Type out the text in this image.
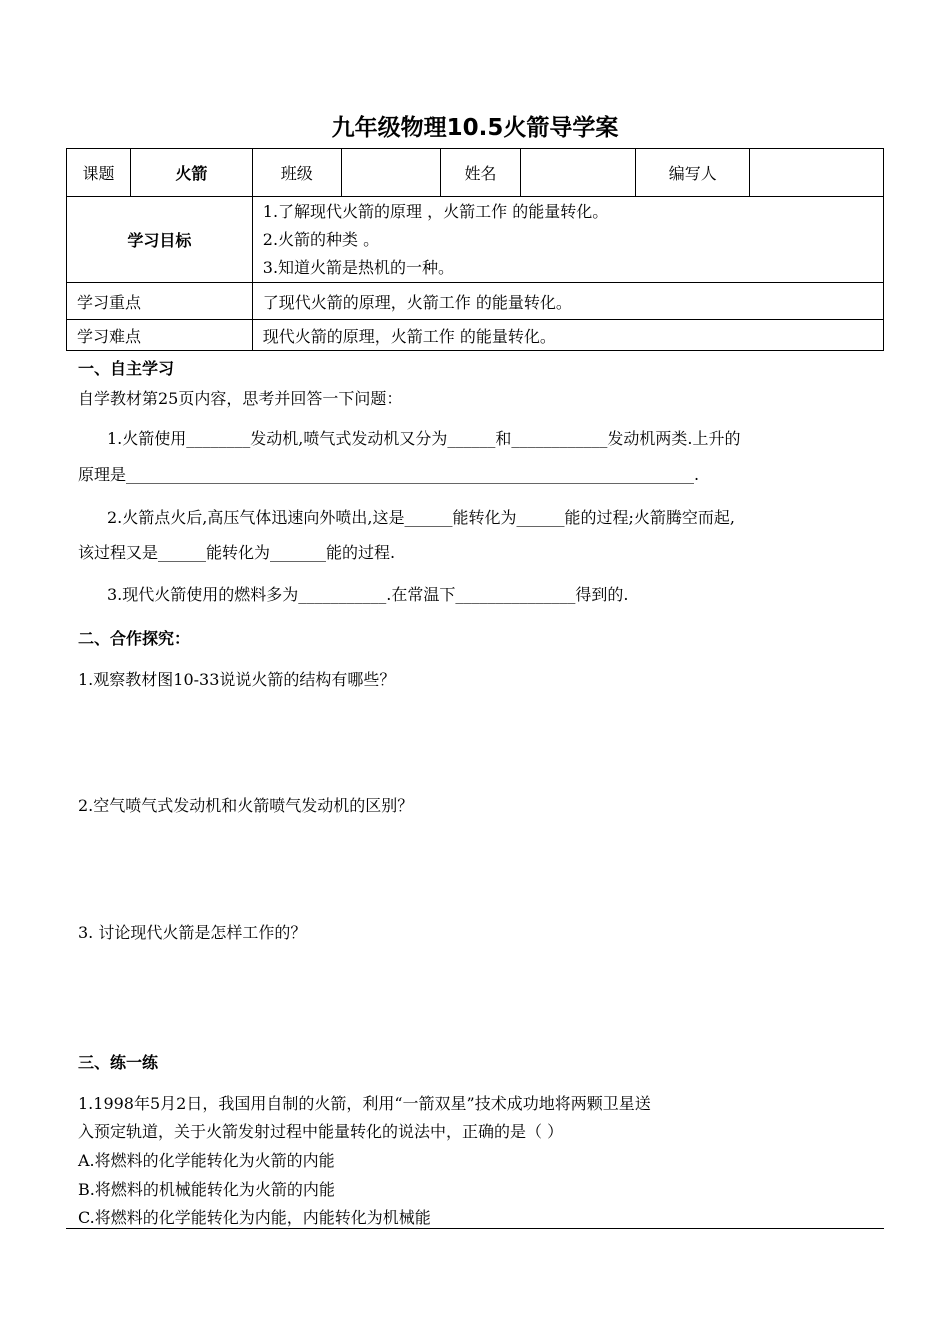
九年级物理10.5火箭导学案
课题	火箭	班级		姓名		编写人	
学习目标		1.了解现代火箭的原理 ，火箭工作 的能量转化。
2.火箭的种类 。
3.知道火箭是热机的一种。					

学习重点		了现代火箭的原理，火箭工作 的能量转化。					
学习难点		现代火箭的原理，火箭工作 的能量转化。					
一、自主学习
自学教材第25页内容，思考并回答一下问题：
1.火箭使用________发动机,喷气式发动机又分为______和____________发动机两类.上升的
原理是_______________________________________________________________________.
2.火箭点火后,高压气体迅速向外喷出,这是______能转化为______能的过程;火箭腾空而起,
该过程又是______能转化为_______能的过程.
3.现代火箭使用的燃料多为___________.在常温下_______________得到的.
二、合作探究：
1.观察教材图10-33说说火箭的结构有哪些？
2.空气喷气式发动机和火箭喷气发动机的区别？
3. 讨论现代火箭是怎样工作的？
三、练一练
1.1998年5月2日，我国用自制的火箭，利用“一箭双星”技术成功地将两颗卫星送
入预定轨道，关于火箭发射过程中能量转化的说法中，正确的是（ ）
A.将燃料的化学能转化为火箭的内能
B.将燃料的机械能转化为火箭的内能
C.将燃料的化学能转化为内能，内能转化为机械能
